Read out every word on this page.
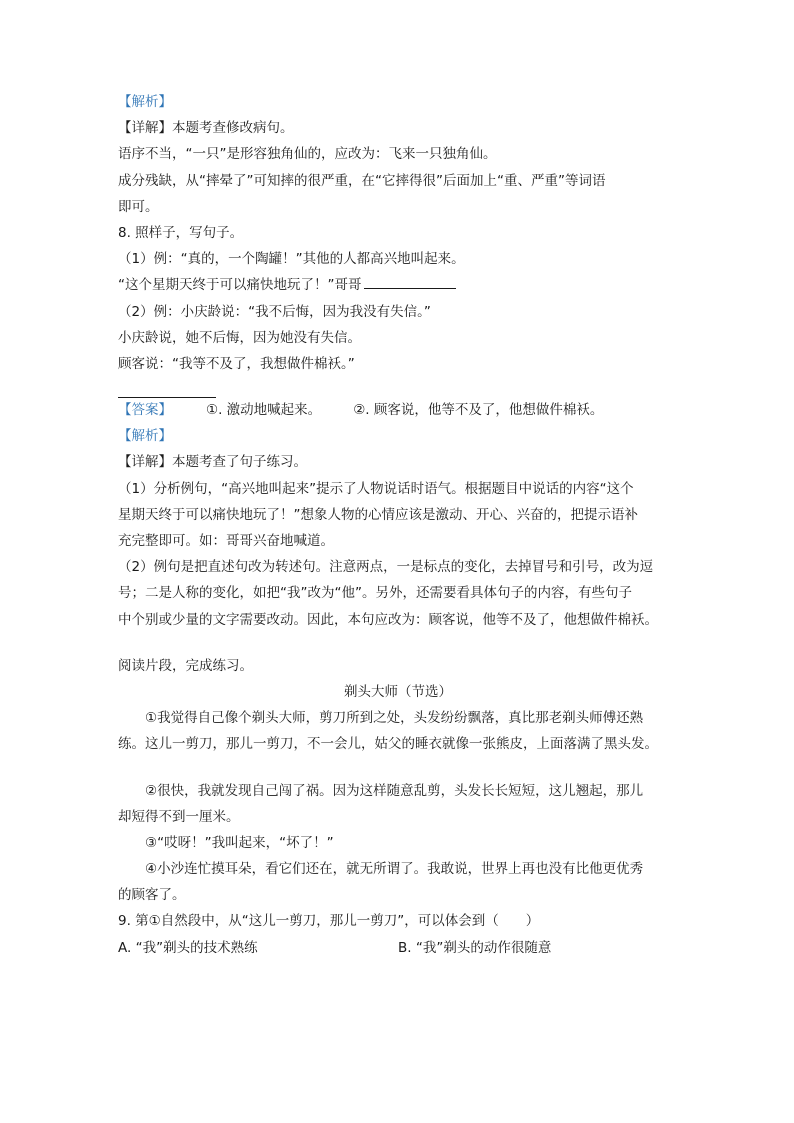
【解析】
【详解】本题考查修改病句。
语序不当，“一只”是形容独角仙的，应改为：飞来一只独角仙。
成分残缺，从“摔晕了”可知摔的很严重，在“它摔得很”后面加上“重、严重”等词语
即可。
8. 照样子，写句子。
（1）例：“真的，一个陶罐！”其他的人都高兴地叫起来。
“这个星期天终于可以痛快地玩了！”哥哥
（2）例：小庆龄说：“我不后悔，因为我没有失信。”
小庆龄说，她不后悔，因为她没有失信。
顾客说：“我等不及了，我想做件棉袄。”
【答案】	①. 激动地喊起来。 ②. 顾客说，他等不及了，他想做件棉袄。
【解析】
【详解】本题考查了句子练习。
（1）分析例句，“高兴地叫起来”提示了人物说话时语气。根据题目中说话的内容“这个
星期天终于可以痛快地玩了！”想象人物的心情应该是激动、开心、兴奋的，把提示语补
充完整即可。如：哥哥兴奋地喊道。
（2）例句是把直述句改为转述句。注意两点，一是标点的变化，去掉冒号和引号，改为逗
号；二是人称的变化，如把“我”改为“他”。另外，还需要看具体句子的内容，有些句子
中个别或少量的文字需要改动。因此，本句应改为：顾客说，他等不及了，他想做件棉袄。
阅读片段，完成练习。
剃头大师（节选）
①我觉得自己像个剃头大师，剪刀所到之处，头发纷纷飘落，真比那老剃头师傅还熟
练。这儿一剪刀，那儿一剪刀，不一会儿，姑父的睡衣就像一张熊皮，上面落满了黑头发。
②很快，我就发现自己闯了祸。因为这样随意乱剪，头发长长短短，这儿翘起，那儿
却短得不到一厘米。
③“哎呀！”我叫起来，“坏了！”
④小沙连忙摸耳朵，看它们还在，就无所谓了。我敢说，世界上再也没有比他更优秀
的顾客了。
9. 第①自然段中，从“这儿一剪刀，那儿一剪刀”，可以体会到（　　）
A. “我”剃头的技术熟练	B. “我”剃头的动作很随意
